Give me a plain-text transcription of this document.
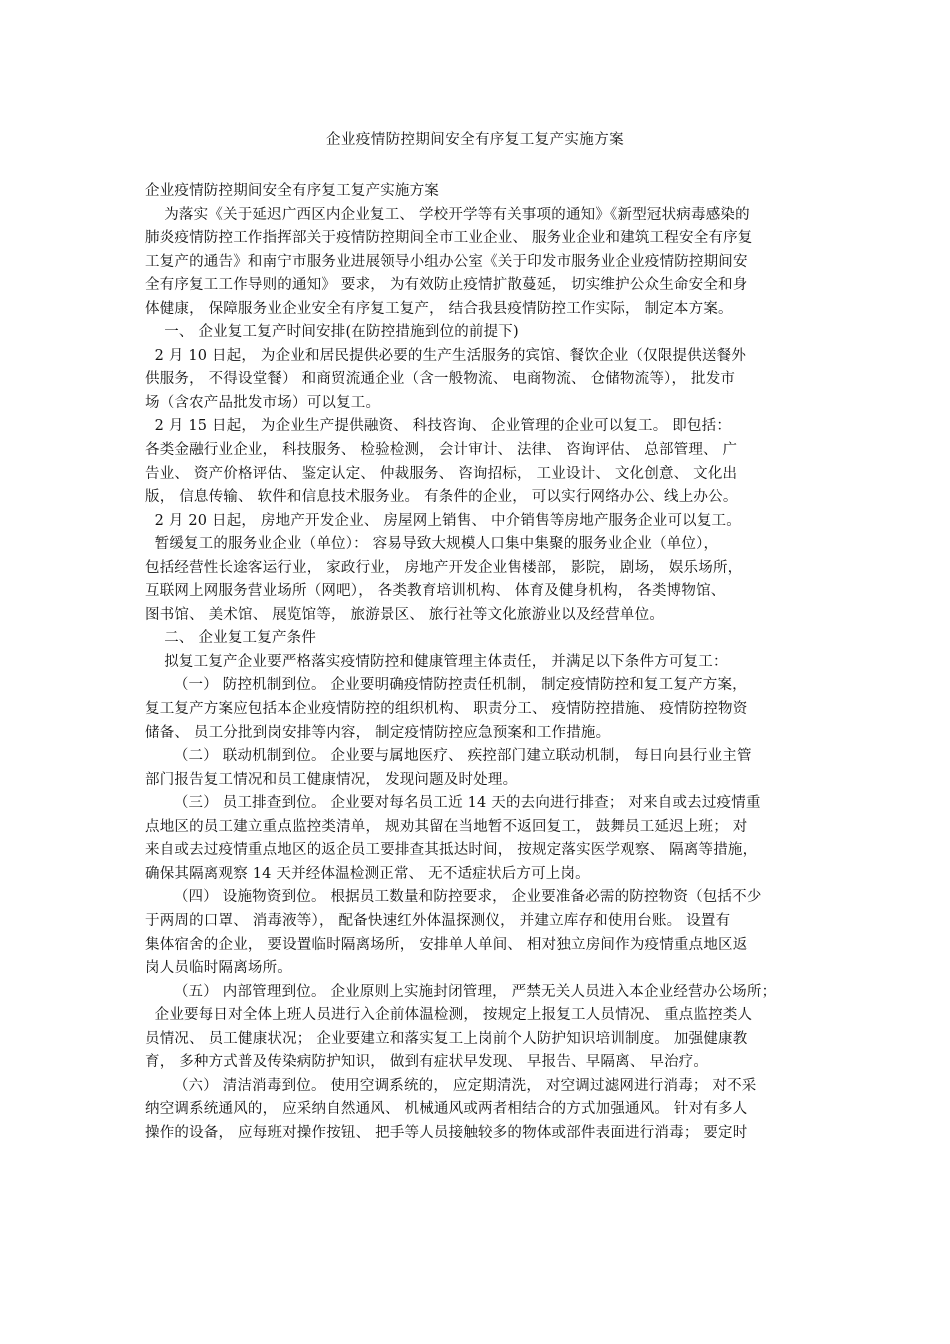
企业疫情防控期间安全有序复工复产实施方案
企业疫情防控期间安全有序复工复产实施方案
为落实《关于延迟广西区内企业复工、 学校开学等有关事项的通知》《新型冠状病毒感染的
肺炎疫情防控工作指挥部关于疫情防控期间全市工业企业、 服务业企业和建筑工程安全有序复
工复产的通告》和南宁市服务业进展领导小组办公室《关于印发市服务业企业疫情防控期间安
全有序复工工作导则的通知》 要求， 为有效防止疫情扩散蔓延， 切实维护公众生命安全和身
体健康， 保障服务业企业安全有序复工复产， 结合我县疫情防控工作实际， 制定本方案。
一、 企业复工复产时间安排(在防控措施到位的前提下)
2 月 10 日起， 为企业和居民提供必要的生产生活服务的宾馆、餐饮企业（仅限提供送餐外
供服务， 不得设堂餐） 和商贸流通企业（含一般物流、 电商物流、 仓储物流等）， 批发市
场（含农产品批发市场）可以复工。
2 月 15 日起， 为企业生产提供融资、 科技咨询、 企业管理的企业可以复工。 即包括：
各类金融行业企业， 科技服务、 检验检测， 会计审计、 法律、 咨询评估、 总部管理、 广
告业、 资产价格评估、 鉴定认定、 仲裁服务、 咨询招标， 工业设计、 文化创意、 文化出
版， 信息传输、 软件和信息技术服务业。 有条件的企业， 可以实行网络办公、线上办公。
2 月 20 日起， 房地产开发企业、 房屋网上销售、 中介销售等房地产服务企业可以复工。
暂缓复工的服务业企业（单位）： 容易导致大规模人口集中集聚的服务业企业（单位），
包括经营性长途客运行业， 家政行业， 房地产开发企业售楼部， 影院， 剧场， 娱乐场所，
互联网上网服务营业场所（网吧）， 各类教育培训机构、 体育及健身机构， 各类博物馆、
图书馆、 美术馆、 展览馆等， 旅游景区、 旅行社等文化旅游业以及经营单位。
二、 企业复工复产条件
拟复工复产企业要严格落实疫情防控和健康管理主体责任， 并满足以下条件方可复工：
（一） 防控机制到位。 企业要明确疫情防控责任机制， 制定疫情防控和复工复产方案，
复工复产方案应包括本企业疫情防控的组织机构、 职责分工、 疫情防控措施、 疫情防控物资
储备、 员工分批到岗安排等内容， 制定疫情防控应急预案和工作措施。
（二） 联动机制到位。 企业要与属地医疗、 疾控部门建立联动机制， 每日向县行业主管
部门报告复工情况和员工健康情况， 发现问题及时处理。
（三） 员工排查到位。 企业要对每名员工近 14 天的去向进行排查； 对来自或去过疫情重
点地区的员工建立重点监控类清单， 规劝其留在当地暂不返回复工， 鼓舞员工延迟上班； 对
来自或去过疫情重点地区的返企员工要排查其抵达时间， 按规定落实医学观察、 隔离等措施，
确保其隔离观察 14 天并经体温检测正常、 无不适症状后方可上岗。
（四） 设施物资到位。 根据员工数量和防控要求， 企业要准备必需的防控物资（包括不少
于两周的口罩、 消毒液等）， 配备快速红外体温探测仪， 并建立库存和使用台账。 设置有
集体宿舍的企业， 要设置临时隔离场所， 安排单人单间、 相对独立房间作为疫情重点地区返
岗人员临时隔离场所。
（五） 内部管理到位。 企业原则上实施封闭管理， 严禁无关人员进入本企业经营办公场所；
企业要每日对全体上班人员进行入企前体温检测， 按规定上报复工人员情况、 重点监控类人
员情况、 员工健康状况； 企业要建立和落实复工上岗前个人防护知识培训制度。 加强健康教
育， 多种方式普及传染病防护知识， 做到有症状早发现、 早报告、早隔离、 早治疗。
（六） 清洁消毒到位。 使用空调系统的， 应定期清洗， 对空调过滤网进行消毒； 对不采
纳空调系统通风的， 应采纳自然通风、 机械通风或两者相结合的方式加强通风。 针对有多人
操作的设备， 应每班对操作按钮、 把手等人员接触较多的物体或部件表面进行消毒； 要定时
